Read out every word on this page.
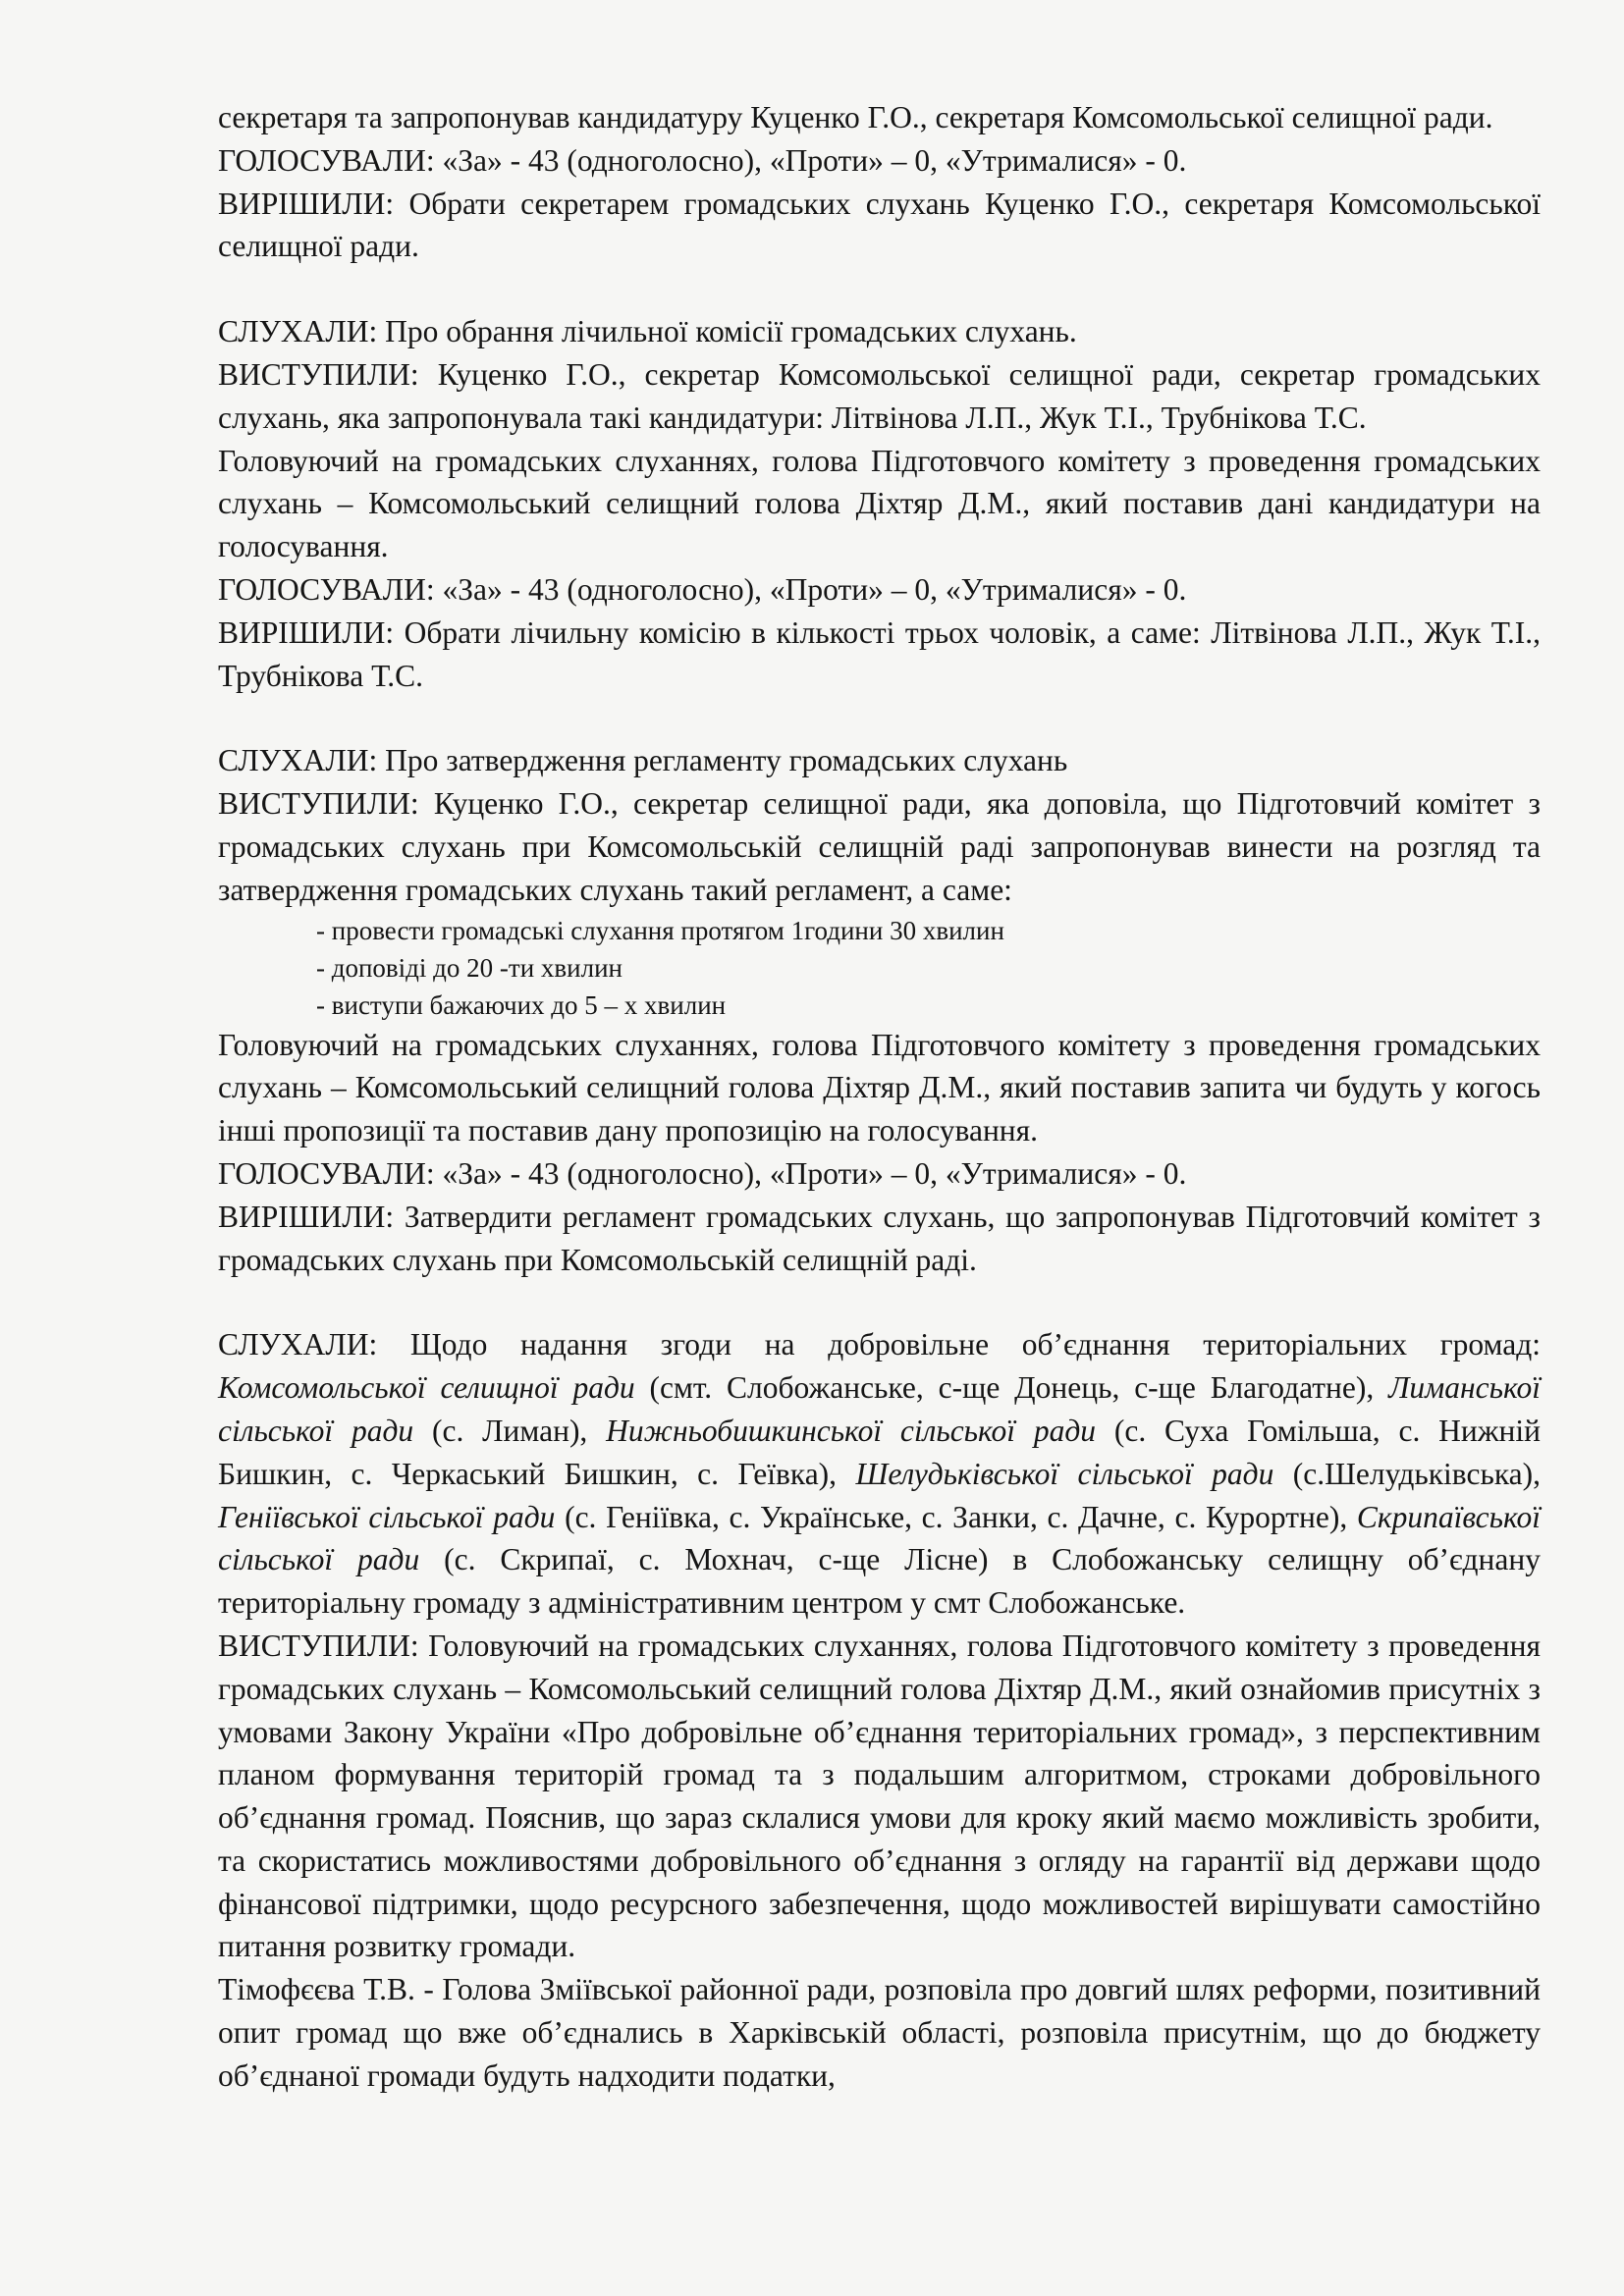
секретаря та запропонував кандидатуру Куценко Г.О., секретаря Комсомольської селищної ради.

ГОЛОСУВАЛИ: «За» - 43 (одноголосно), «Проти» – 0, «Утрималися» - 0.

ВИРІШИЛИ: Обрати секретарем громадських слухань Куценко Г.О., секретаря Комсомольської селищної ради.

СЛУХАЛИ: Про обрання лічильної комісії громадських слухань.

ВИСТУПИЛИ: Куценко Г.О., секретар Комсомольської селищної ради, секретар громадських слухань, яка запропонувала такі кандидатури: Літвінова Л.П., Жук Т.І., Трубнікова Т.С.

Головуючий на громадських слуханнях, голова Підготовчого комітету з проведення громадських слухань – Комсомольський селищний голова Діхтяр Д.М., який поставив дані кандидатури на голосування.

ГОЛОСУВАЛИ: «За» - 43 (одноголосно), «Проти» – 0, «Утрималися» - 0.

ВИРІШИЛИ: Обрати лічильну комісію в кількості трьох чоловік, а саме: Літвінова Л.П., Жук Т.І., Трубнікова Т.С.

СЛУХАЛИ: Про затвердження регламенту громадських слухань

ВИСТУПИЛИ: Куценко Г.О., секретар селищної ради, яка доповіла, що Підготовчий комітет з громадських слухань при Комсомольській селищній раді запропонував винести на розгляд та затвердження громадських слухань такий регламент, а саме:

- провести громадські слухання протягом 1години 30 хвилин
- доповіді до 20 -ти хвилин
- виступи бажаючих до 5 – х хвилин

Головуючий на громадських слуханнях, голова Підготовчого комітету з проведення громадських слухань – Комсомольський селищний голова Діхтяр Д.М., який поставив запита чи будуть у когось інші пропозиції та поставив дану пропозицію на голосування.

ГОЛОСУВАЛИ: «За» - 43 (одноголосно), «Проти» – 0, «Утрималися» - 0.

ВИРІШИЛИ: Затвердити регламент громадських слухань, що запропонував Підготовчий комітет з громадських слухань при Комсомольській селищній раді.

СЛУХАЛИ: Щодо надання згоди на добровільне об’єднання територіальних громад: Комсомольської селищної ради (смт. Слобожанське, с-ще Донець, с-ще Благодатне), Лиманської сільської ради (с. Лиман), Нижньобишкинської сільської ради (с. Суха Гомільша, с. Нижній Бишкин, с. Черкаський Бишкин, с. Геївка), Шелудьківської сільської ради (с.Шелудьківська), Геніївської сільської ради (с. Геніївка, с. Українське, с. Занки, с. Дачне, с. Курортне), Скрипаївської сільської ради (с. Скрипаї, с. Мохнач, с-ще Лісне) в Слобожанську селищну об’єднану територіальну громаду з адміністративним центром у смт Слобожанське.

ВИСТУПИЛИ: Головуючий на громадських слуханнях, голова Підготовчого комітету з проведення громадських слухань – Комсомольський селищний голова Діхтяр Д.М., який ознайомив присутніх з умовами Закону України «Про добровільне об’єднання територіальних громад», з перспективним планом формування територій громад та з подальшим алгоритмом, строками добровільного об’єднання громад. Пояснив, що зараз склалися умови для кроку який маємо можливість зробити, та скористатись можливостями добровільного об’єднання з огляду на гарантії від держави щодо фінансової підтримки, щодо ресурсного забезпечення, щодо можливостей вирішувати самостійно питання розвитку громади.

Тімофєєва Т.В. - Голова Зміївської районної ради, розповіла про довгий шлях реформи, позитивний опит громад що вже об’єднались в Харківській області, розповіла присутнім, що до бюджету об’єднаної громади будуть надходити податки,
